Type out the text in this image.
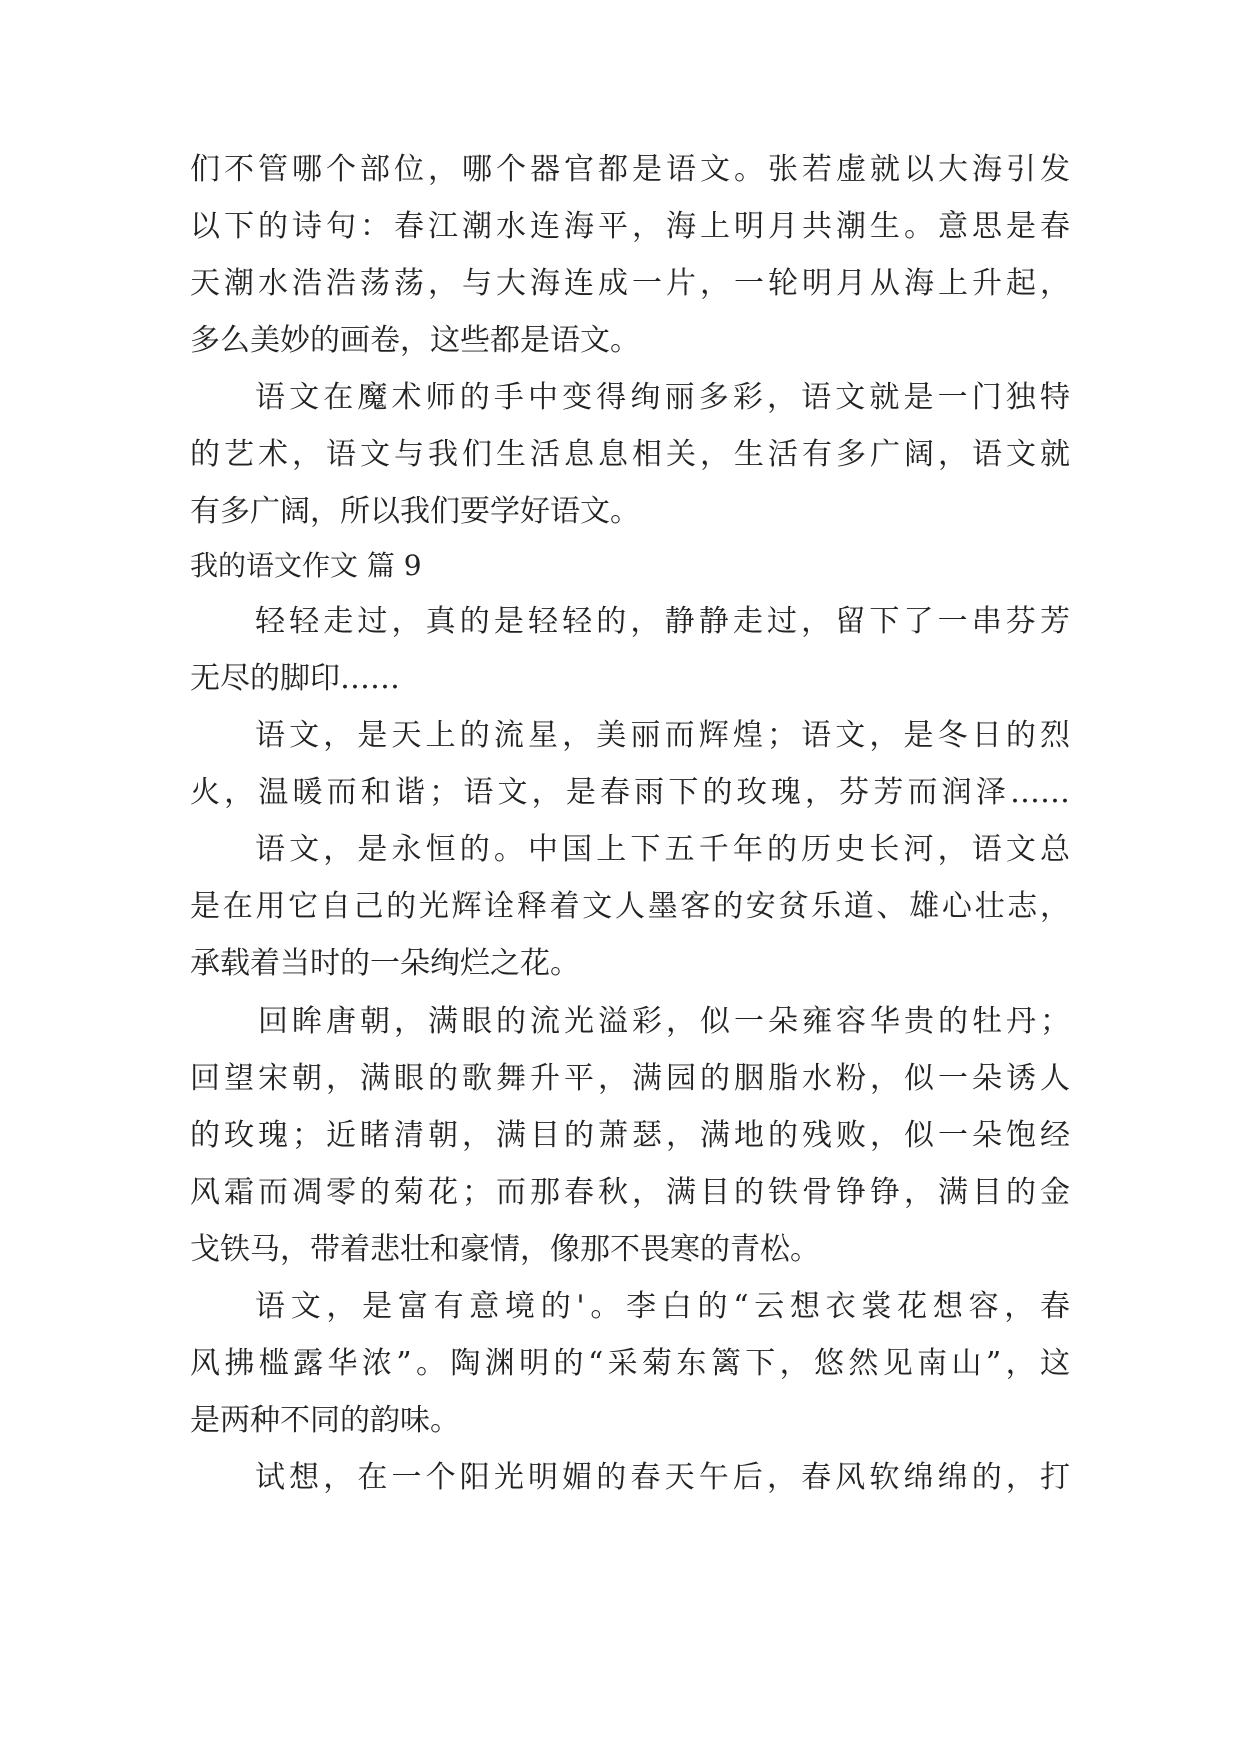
们不管哪个部位，哪个器官都是语文。张若虚就以大海引发
以下的诗句：春江潮水连海平，海上明月共潮生。意思是春
天潮水浩浩荡荡，与大海连成一片，一轮明月从海上升起，
多么美妙的画卷，这些都是语文。
语文在魔术师的手中变得绚丽多彩，语文就是一门独特
的艺术，语文与我们生活息息相关，生活有多广阔，语文就
有多广阔，所以我们要学好语文。
我的语文作文 篇 9
轻轻走过，真的是轻轻的，静静走过，留下了一串芬芳
无尽的脚印……
语文，是天上的流星，美丽而辉煌；语文，是冬日的烈
火，温暖而和谐；语文，是春雨下的玫瑰，芬芳而润泽……
语文，是永恒的。中国上下五千年的历史长河，语文总
是在用它自己的光辉诠释着文人墨客的安贫乐道、雄心壮志，
承载着当时的一朵绚烂之花。
回眸唐朝，满眼的流光溢彩，似一朵雍容华贵的牡丹；
回望宋朝，满眼的歌舞升平，满园的胭脂水粉，似一朵诱人
的玫瑰；近睹清朝，满目的萧瑟，满地的残败，似一朵饱经
风霜而凋零的菊花；而那春秋，满目的铁骨铮铮，满目的金
戈铁马，带着悲壮和豪情，像那不畏寒的青松。
语文，是富有意境的'。李白的“云想衣裳花想容，春
风拂槛露华浓”。陶渊明的“采菊东篱下，悠然见南山”，这
是两种不同的韵味。
试想，在一个阳光明媚的春天午后，春风软绵绵的，打
